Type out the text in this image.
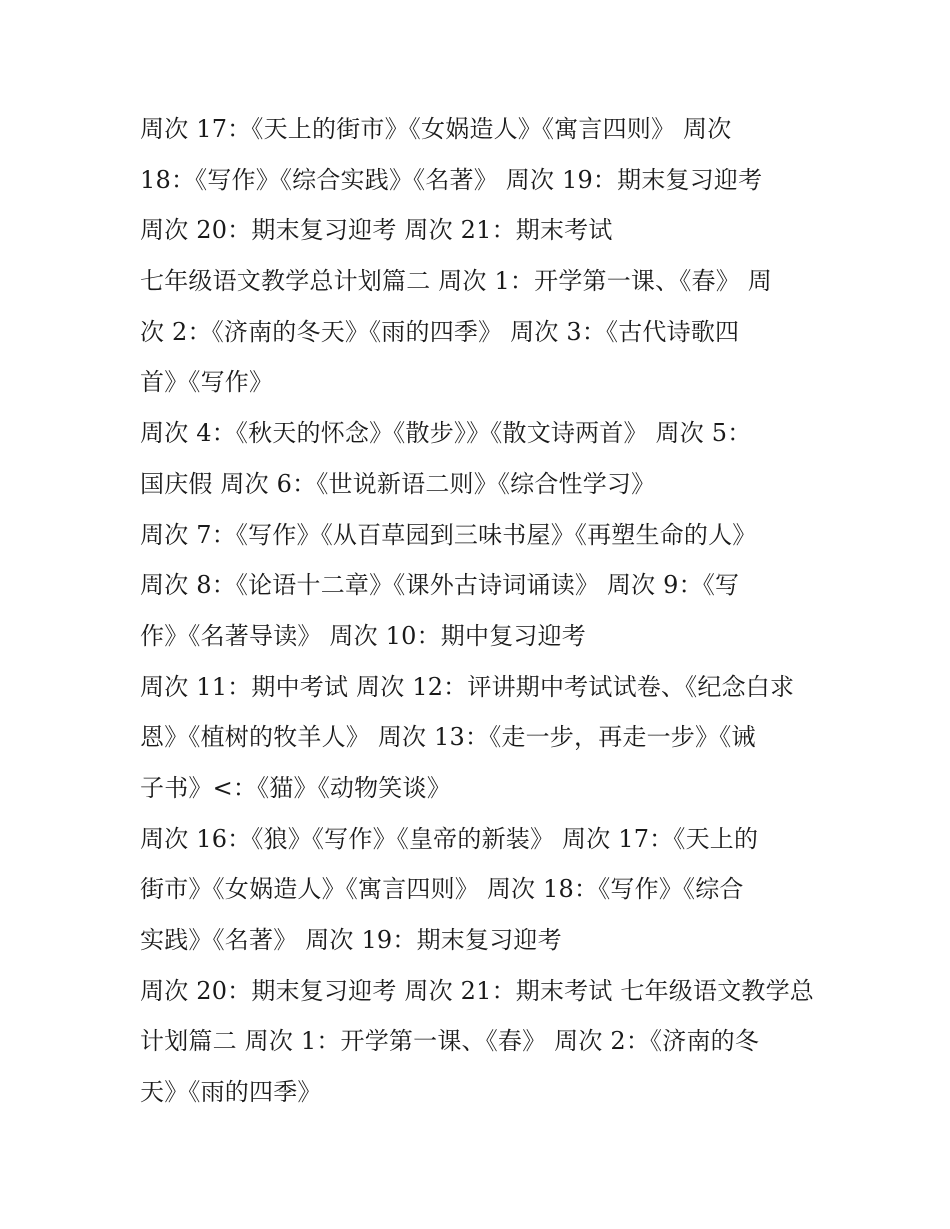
周次 17：《天上的街市》《女娲造人》《寓言四则》 周次
18：《写作》《综合实践》《名著》 周次 19：期末复习迎考
周次 20：期末复习迎考 周次 21：期末考试
七年级语文教学总计划篇二 周次 1：开学第一课、《春》 周
次 2：《济南的冬天》《雨的四季》 周次 3：《古代诗歌四
首》《写作》
周次 4：《秋天的怀念》《散步》》《散文诗两首》 周次 5：
国庆假 周次 6：《世说新语二则》《综合性学习》
周次 7：《写作》《从百草园到三味书屋》《再塑生命的人》
周次 8：《论语十二章》《课外古诗词诵读》 周次 9：《写
作》《名著导读》 周次 10：期中复习迎考
周次 11：期中考试 周次 12：评讲期中考试试卷、《纪念白求
恩》《植树的牧羊人》 周次 13：《走一步，再走一步》《诫
子书》<：《猫》《动物笑谈》
周次 16：《狼》《写作》《皇帝的新装》 周次 17：《天上的
街市》《女娲造人》《寓言四则》 周次 18：《写作》《综合
实践》《名著》 周次 19：期末复习迎考
周次 20：期末复习迎考 周次 21：期末考试 七年级语文教学总
计划篇二 周次 1：开学第一课、《春》 周次 2：《济南的冬
天》《雨的四季》
